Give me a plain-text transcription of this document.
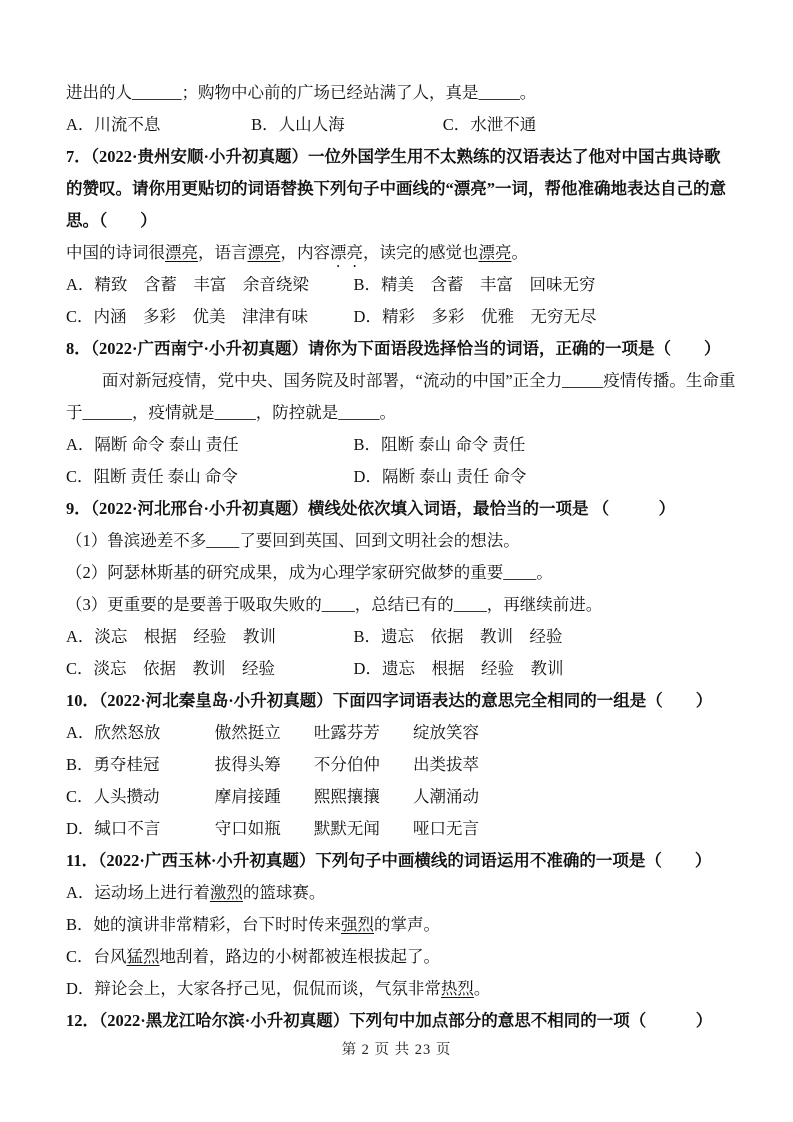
进出的人______；购物中心前的广场已经站满了人，真是_____。
A．川流不息	B．人山人海	C．水泄不通
7．（2022·贵州安顺·小升初真题）一位外国学生用不太熟练的汉语表达了他对中国古典诗歌
的赞叹。请你用更贴切的词语替换下列句子中画线的“漂亮”一词，帮他准确地表达自己的意
思。（　　）
中国的诗词很漂亮，语言漂亮，内容漂亮，读完的感觉也漂亮。
A．精致　含蓄　丰富　余音绕梁	B．精美　含蓄　丰富　回味无穷
C．内涵　多彩　优美　津津有味	D．精彩　多彩　优雅　无穷无尽
8．（2022·广西南宁·小升初真题）请你为下面语段选择恰当的词语，正确的一项是（　　）
面对新冠疫情，党中央、国务院及时部署，“流动的中国”正全力_____疫情传播。生命重
于______，疫情就是_____，防控就是_____。
A．隔断 命令 泰山 责任	B．阻断 泰山 命令 责任
C．阻断 责任 泰山 命令	D．隔断 泰山 责任 命令
9．（2022·河北邢台·小升初真题）横线处依次填入词语，最恰当的一项是 （　　　）
（1）鲁滨逊差不多____了要回到英国、回到文明社会的想法。
（2）阿瑟林斯基的研究成果，成为心理学家研究做梦的重要____。
（3）更重要的是要善于吸取失败的____，总结已有的____，再继续前进。
A．淡忘　根据　经验　教训	B．遗忘　依据　教训　经验
C．淡忘　依据　教训　经验	D．遗忘　根据　经验　教训
10．（2022·河北秦皇岛·小升初真题）下面四字词语表达的意思完全相同的一组是（　　）
A．欣然怒放	傲然挺立 吐露芬芳 绽放笑容
B．勇夺桂冠	拔得头筹 不分伯仲 出类拔萃
C．人头攒动	摩肩接踵 熙熙攘攘 人潮涌动
D．缄口不言	守口如瓶 默默无闻 哑口无言
11．（2022·广西玉林·小升初真题）下列句子中画横线的词语运用不准确的一项是（　　）
A．运动场上进行着激烈的篮球赛。
B．她的演讲非常精彩，台下时时传来强烈的掌声。
C．台风猛烈地刮着，路边的小树都被连根拔起了。
D．辩论会上，大家各抒己见，侃侃而谈，气氛非常热烈。
12．（2022·黑龙江哈尔滨·小升初真题）下列句中加点部分的意思不相同的一项（　　　）
第 2 页 共 23 页
